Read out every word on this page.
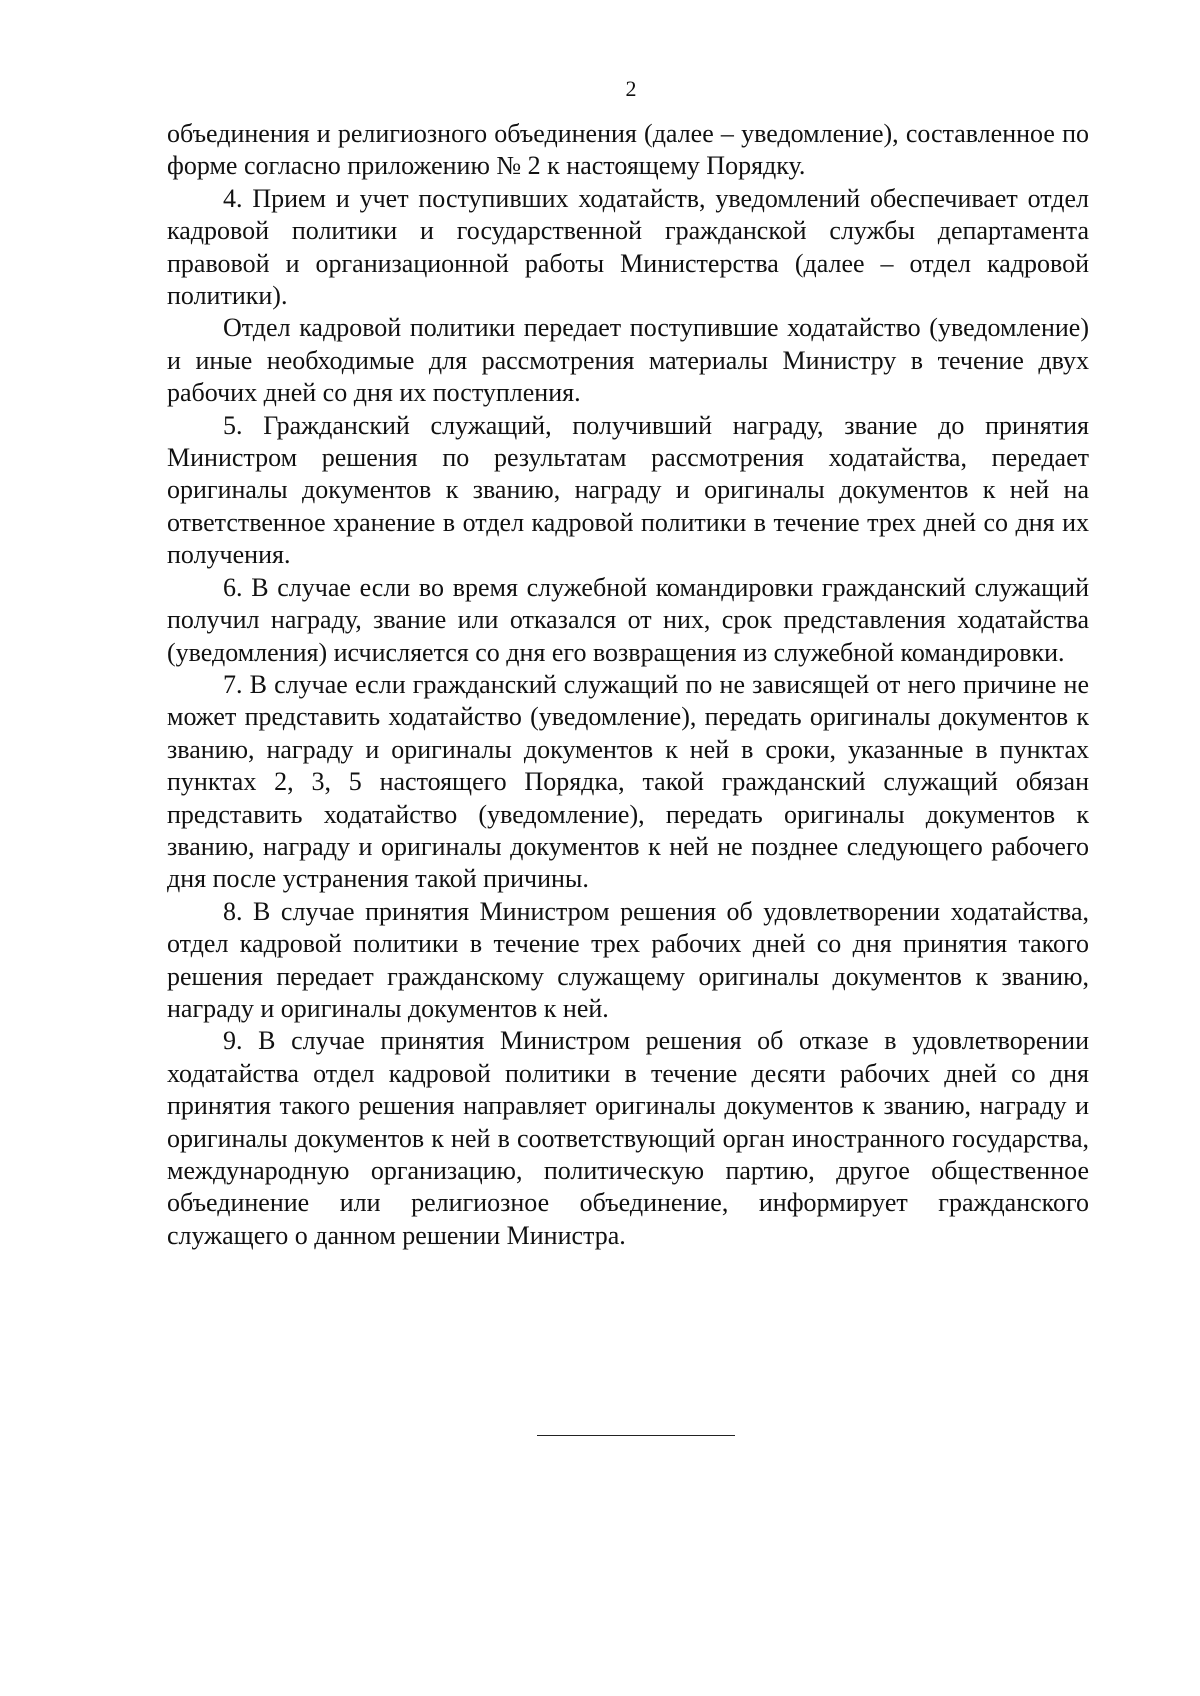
2

объединения и религиозного объединения (далее – уведомление), составленное по форме согласно приложению № 2 к настоящему Порядку.

4. Прием и учет поступивших ходатайств, уведомлений обеспечивает отдел кадровой политики и государственной гражданской службы департамента правовой и организационной работы Министерства (далее – отдел кадровой политики).

Отдел кадровой политики передает поступившие ходатайство (уведомление) и иные необходимые для рассмотрения материалы Министру в течение двух рабочих дней со дня их поступления.

5. Гражданский служащий, получивший награду, звание до принятия Министром решения по результатам рассмотрения ходатайства, передает оригиналы документов к званию, награду и оригиналы документов к ней на ответственное хранение в отдел кадровой политики в течение трех дней со дня их получения.

6. В случае если во время служебной командировки гражданский служащий получил награду, звание или отказался от них, срок представления ходатайства (уведомления) исчисляется со дня его возвращения из служебной командировки.

7. В случае если гражданский служащий по не зависящей от него причине не может представить ходатайство (уведомление), передать оригиналы документов к званию, награду и оригиналы документов к ней в сроки, указанные в пунктах пунктах 2, 3, 5 настоящего Порядка, такой гражданский служащий обязан представить ходатайство (уведомление), передать оригиналы документов к званию, награду и оригиналы документов к ней не позднее следующего рабочего дня после устранения такой причины.

8. В случае принятия Министром решения об удовлетворении ходатайства, отдел кадровой политики в течение трех рабочих дней со дня принятия такого решения передает гражданскому служащему оригиналы документов к званию, награду и оригиналы документов к ней.

9. В случае принятия Министром решения об отказе в удовлетворении ходатайства отдел кадровой политики в течение десяти рабочих дней со дня принятия такого решения направляет оригиналы документов к званию, награду и оригиналы документов к ней в соответствующий орган иностранного государства, международную организацию, политическую партию, другое общественное объединение или религиозное объединение, информирует гражданского служащего о данном решении Министра.
